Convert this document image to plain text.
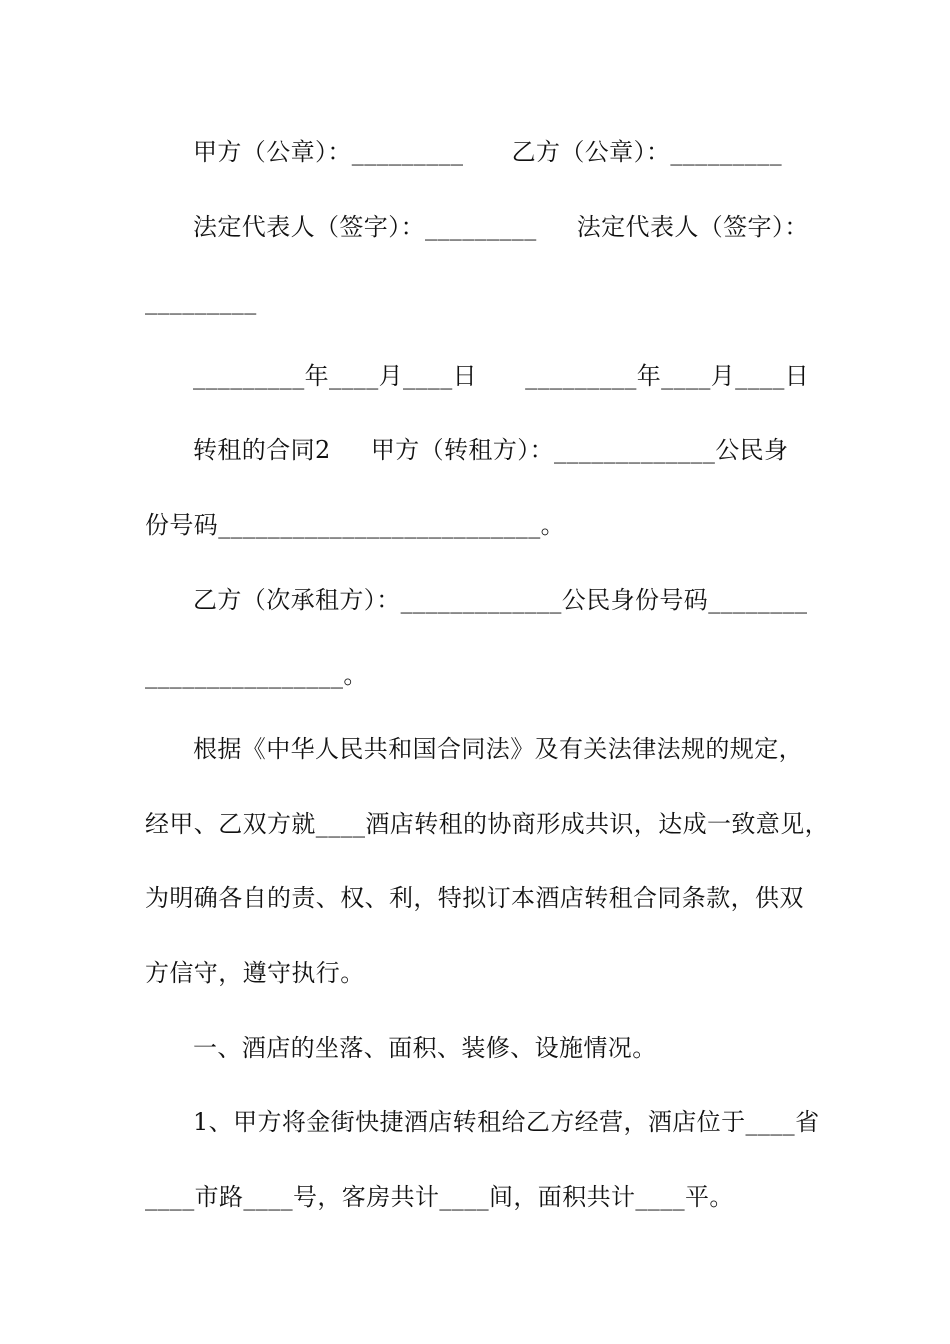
甲方（公章）：_________      乙方（公章）：_________
法定代表人（签字）：_________     法定代表人（签字）：
_________
_________年____月____日      _________年____月____日
转租的合同2     甲方（转租方）：_____________公民身
份号码__________________________。
乙方（次承租方）：_____________公民身份号码________
________________。
根据《中华人民共和国合同法》及有关法律法规的规定，
经甲、乙双方就____酒店转租的协商形成共识，达成一致意见，
为明确各自的责、权、利，特拟订本酒店转租合同条款，供双
方信守，遵守执行。
一、酒店的坐落、面积、装修、设施情况。
1、甲方将金街快捷酒店转租给乙方经营，酒店位于____省
____市路____号，客房共计____间，面积共计____平。
